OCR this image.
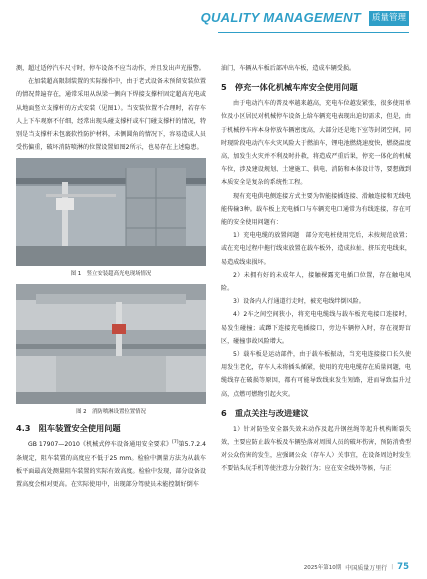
QUALITY MANAGEMENT	质量管理

测，超过适停汽车尺寸时，停车设备不应当动作，并且发出声光报警。

在加装超高限制装置的实际操作中，由于老式设备未预留安装位置的情况普遍存在，通常采用从纵梁一侧向下焊接支撑杆固定超高光电或从地面竖立支撑杆的方式安装（见图1）。当安装位置不合理时，若存车人上下车观察不仔细，经常出现头碰支撑杆或车门碰支撑杆的情况，特别是当支撑杆未包裹软性防护材料，未侧圆角的情况下，容易造成人员受伤偏重，破坏消防喷淋的位置设置如图2所示，也易存在上述隐患。

图 1　竖立安装超高光电现场情况
图 2　消防喷淋设置位置情况
4.3　阻车装置安全使用问题

GB 17907—2010《机械式停车设备通用安全要求》[7]第5.7.2.4条规定，阻车装置的高度应不低于25 mm。检验中测量方法为从载车板平面最高处测量阻车装置的实际有效高度。检验中发现，部分设备设置高度会相对更高。在实际使用中，出现部分驾驶员未能控制好倒车

油门，车辆从车板后部冲出车板，造成车辆受损。

5　停充一体化机械车库安全使用问题

由于电动汽车的普及率越来越高，充电车位越发紧张，很多使用单位及小区居民对机械停车设备上给车辆充电表现出迫切需求，但是，由于机械停车库本身停放车辆密度高，大部分还是地下室等封闭空间，同时现阶段电动汽车火灾风险大于燃油车，锂电池燃烧速度快，燃烧温度高，加发生火灾并不利及时扑救，将造成严重后果，停充一体化的机械车位，涉及建设规划、土建施工、供电、消防和本体设计等，要想做到本质安全是复杂的系统性工程。

现有充电供电侧连接方式主要为智能接插连接、滑触连接和无线电能传输3种。载车板上充电插口与车辆充电口通常为有线连接，存在可能的安全使用问题有：

1）充电电缆的放置问题　部分充电桩使用完后，未按规范放置；或在充电过程中拖行线束放置在载车板外，造成拉扯、挤压充电线束，易造成线束损坏。

2）未拥有好的未成年人，接触裸露充电插口位置，存在触电风险。

3）设备内人行通道行走时，被充电线绊倒风险。

4）2车之间空间狭小，将充电电缆线与载车板充电接口连接时，易发生碰撞；或蹲下连接充电插接口，旁边车辆停入时，存在视野盲区，碰撞事故风险增大。

5）载车板是运动部件，由于载车板振动，当充电连接接口长久使用发生老化，存车人未将插头插紧，使用的充电电缆存在质量问题，电缆线存在破损等原因，都有可能导致线束发生短路，进而导致温升过高，点燃可燃物引起火灾。

6　重点关注与改进建议

1）针对防坠安全器失效未动作及起升钢丝绳等起升机构断裂失效，主要应防止载车板及车辆坠落对周围人员的破坏伤害，预防消费型对公众伤害的发生，应强调公众（存车人）关事宜，在设备周边时发生不要钻头玩手机等使注意力分散行为；应在安全线外等候，与正

2025年第10期 中国质量万里行 | 75
